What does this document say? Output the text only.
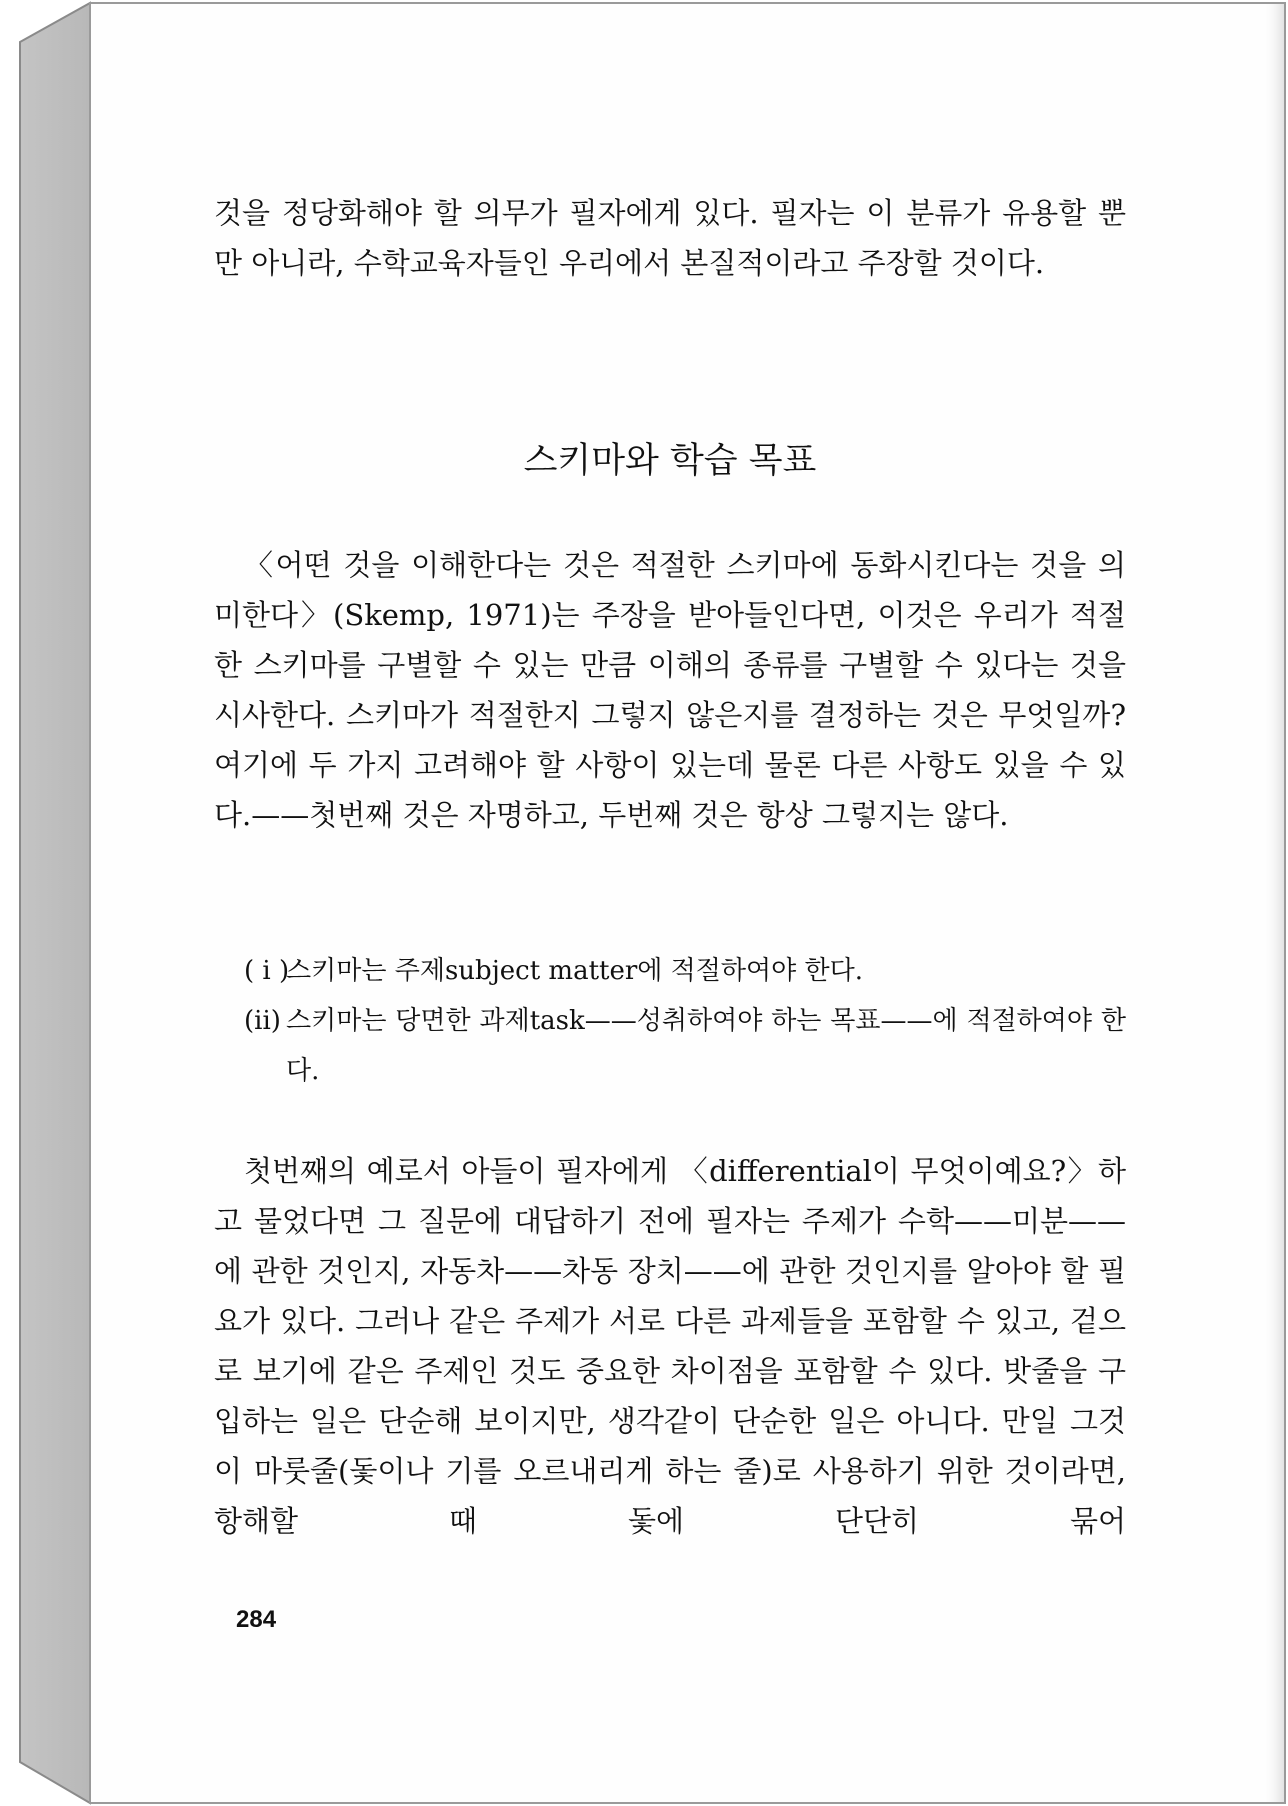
것을 정당화해야 할 의무가 필자에게 있다. 필자는 이 분류가 유용할 뿐만 아니라, 수학교육자들인 우리에서 본질적이라고 주장할 것이다.

스키마와 학습 목표

〈어떤 것을 이해한다는 것은 적절한 스키마에 동화시킨다는 것을 의미한다〉(Skemp, 1971)는 주장을 받아들인다면, 이것은 우리가 적절한 스키마를 구별할 수 있는 만큼 이해의 종류를 구별할 수 있다는 것을 시사한다. 스키마가 적절한지 그렇지 않은지를 결정하는 것은 무엇일까? 여기에 두 가지 고려해야 할 사항이 있는데 물론 다른 사항도 있을 수 있다.——첫번째 것은 자명하고, 두번째 것은 항상 그렇지는 않다.

( i )
스키마는 주제subject matter에 적절하여야 한다.
(ii) 스키마는 당면한 과제task——성취하여야 하는 목표——에 적절하여야 한다.

첫번째의 예로서 아들이 필자에게 〈differential이 무엇이예요?〉하고 물었다면 그 질문에 대답하기 전에 필자는 주제가 수학——미분——에 관한 것인지, 자동차——차동 장치——에 관한 것인지를 알아야 할 필요가 있다. 그러나 같은 주제가 서로 다른 과제들을 포함할 수 있고, 겉으로 보기에 같은 주제인 것도 중요한 차이점을 포함할 수 있다. 밧줄을 구입하는 일은 단순해 보이지만, 생각같이 단순한 일은 아니다. 만일 그것이 마룻줄(돛이나 기를 오르내리게 하는 줄)로 사용하기 위한 것이라면, 항해할 때 돛에 단단히 묶어

284
